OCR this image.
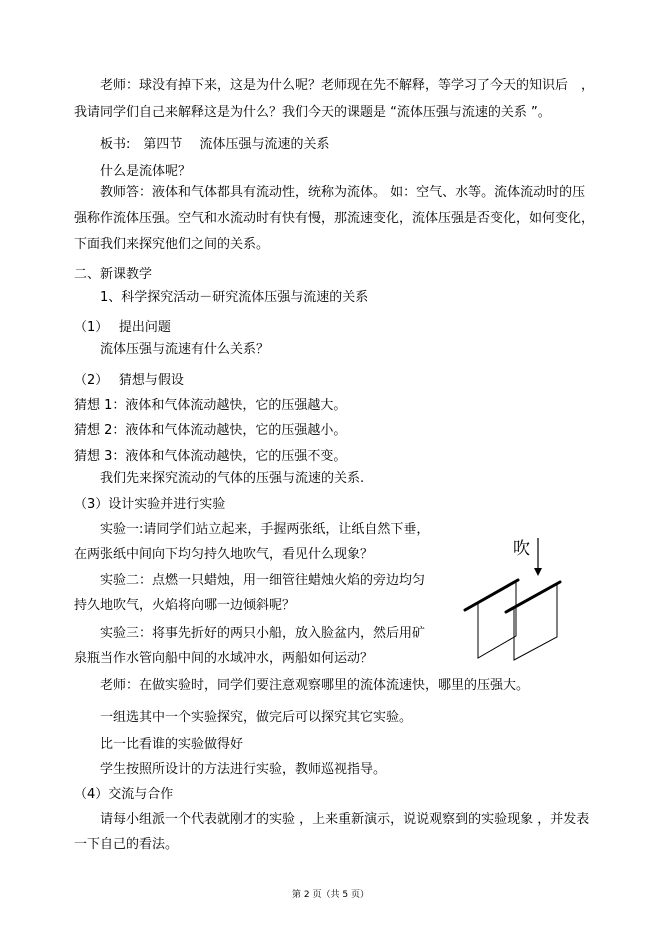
老师：球没有掉下来，这是为什么呢？老师现在先不解释，等学习了今天的知识后　，
我请同学们自己来解释这是为什么？我们今天的课题是 “流体压强与流速的关系 ”。
板书:　第四节　 流体压强与流速的关系
什么是流体呢？
教师答：液体和气体都具有流动性，统称为流体。 如：空气、水等。流体流动时的压
强称作流体压强。空气和水流动时有快有慢，那流速变化，流体压强是否变化，如何变化，
下面我们来探究他们之间的关系。
二、新课教学
1、科学探究活动－研究流体压强与流速的关系
（1）　 提出问题
流体压强与流速有什么关系？
（2）　 猜想与假设
猜想 1：液体和气体流动越快，它的压强越大。
猜想 2：液体和气体流动越快，它的压强越小。
猜想 3：液体和气体流动越快，它的压强不变。
我们先来探究流动的气体的压强与流速的关系.
（3）设计实验并进行实验
实验一:请同学们站立起来，手握两张纸，让纸自然下垂，
在两张纸中间向下均匀持久地吹气，看见什么现象？
实验二：点燃一只蜡烛，用一细管往蜡烛火焰的旁边均匀
持久地吹气，火焰将向哪一边倾斜呢？
实验三：将事先折好的两只小船，放入脸盆内，然后用矿
泉瓶当作水管向船中间的水域冲水，两船如何运动？
老师：在做实验时，同学们要注意观察哪里的流体流速快，哪里的压强大。
一组选其中一个实验探究，做完后可以探究其它实验。
比一比看谁的实验做得好
学生按照所设计的方法进行实验，教师巡视指导。
（4）交流与合作
请每小组派一个代表就刚才的实验 ，上来重新演示，说说观察到的实验现象 ，并发表
一下自己的看法。
吹
第 2 页（共 5 页）
